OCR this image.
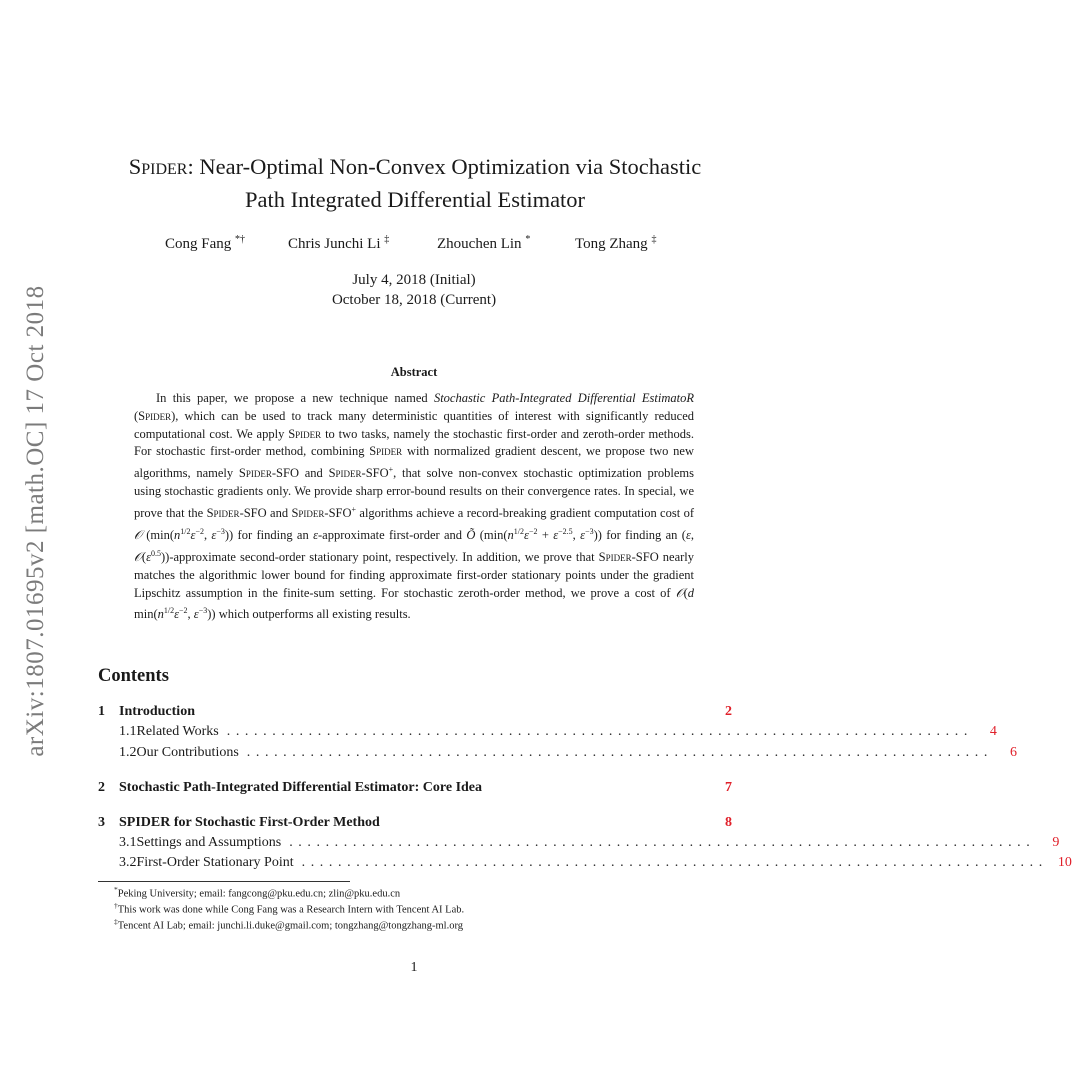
arXiv:1807.01695v2 [math.OC] 17 Oct 2018
Spider: Near-Optimal Non-Convex Optimization via Stochastic
Path Integrated Differential Estimator
Cong Fang *†	Chris Junchi Li ‡	Zhouchen Lin *	Tong Zhang ‡
July 4, 2018 (Initial)
October 18, 2018 (Current)
Abstract

In this paper, we propose a new technique named Stochastic Path-Integrated Differential EstimatoR (Spider), which can be used to track many deterministic quantities of interest with significantly reduced computational cost. We apply Spider to two tasks, namely the stochastic first-order and zeroth-order methods. For stochastic first-order method, combining Spider with normalized gradient descent, we propose two new algorithms, namely Spider-SFO and Spider-SFO+, that solve non-convex stochastic optimization problems using stochastic gradients only. We provide sharp error-bound results on their convergence rates. In special, we prove that the Spider-SFO and Spider-SFO+ algorithms achieve a record-breaking gradient computation cost of 𝒪 ($\min(n^{1/2}\varepsilon^{-2}$, $\varepsilon^{-3}$)) for finding an ε-approximate first-order and Õ ($\min(n^{1/2}\varepsilon^{-2} + \varepsilon^{-2.5}$, $\varepsilon^{-3}$)) for finding an (ε, $𝒪(\varepsilon^{0.5})$)-approximate second-order stationary point, respectively. In addition, we prove that Spider-SFO nearly matches the algorithmic lower bound for finding approximate first-order stationary points under the gradient Lipschitz assumption in the finite-sum setting. For stochastic zeroth-order method, we prove a cost of 𝒪(d $\min(n^{1/2}\varepsilon^{-2}$, $\varepsilon^{-3}$)) which outperforms all existing results.

Contents
1	Introduction	2
1.1 Related Works ..................................................................................	4
1.2 Our Contributions ..................................................................................	6
2	Stochastic Path-Integrated Differential Estimator: Core Idea	7
3	SPIDER for Stochastic First-Order Method	8
3.1 Settings and Assumptions ..................................................................................	9
3.2 First-Order Stationary Point .................................................................................. 10
*Peking University; email: fangcong@pku.edu.cn; zlin@pku.edu.cn
†This work was done while Cong Fang was a Research Intern with Tencent AI Lab.
‡Tencent AI Lab; email: junchi.li.duke@gmail.com; tongzhang@tongzhang-ml.org
1
